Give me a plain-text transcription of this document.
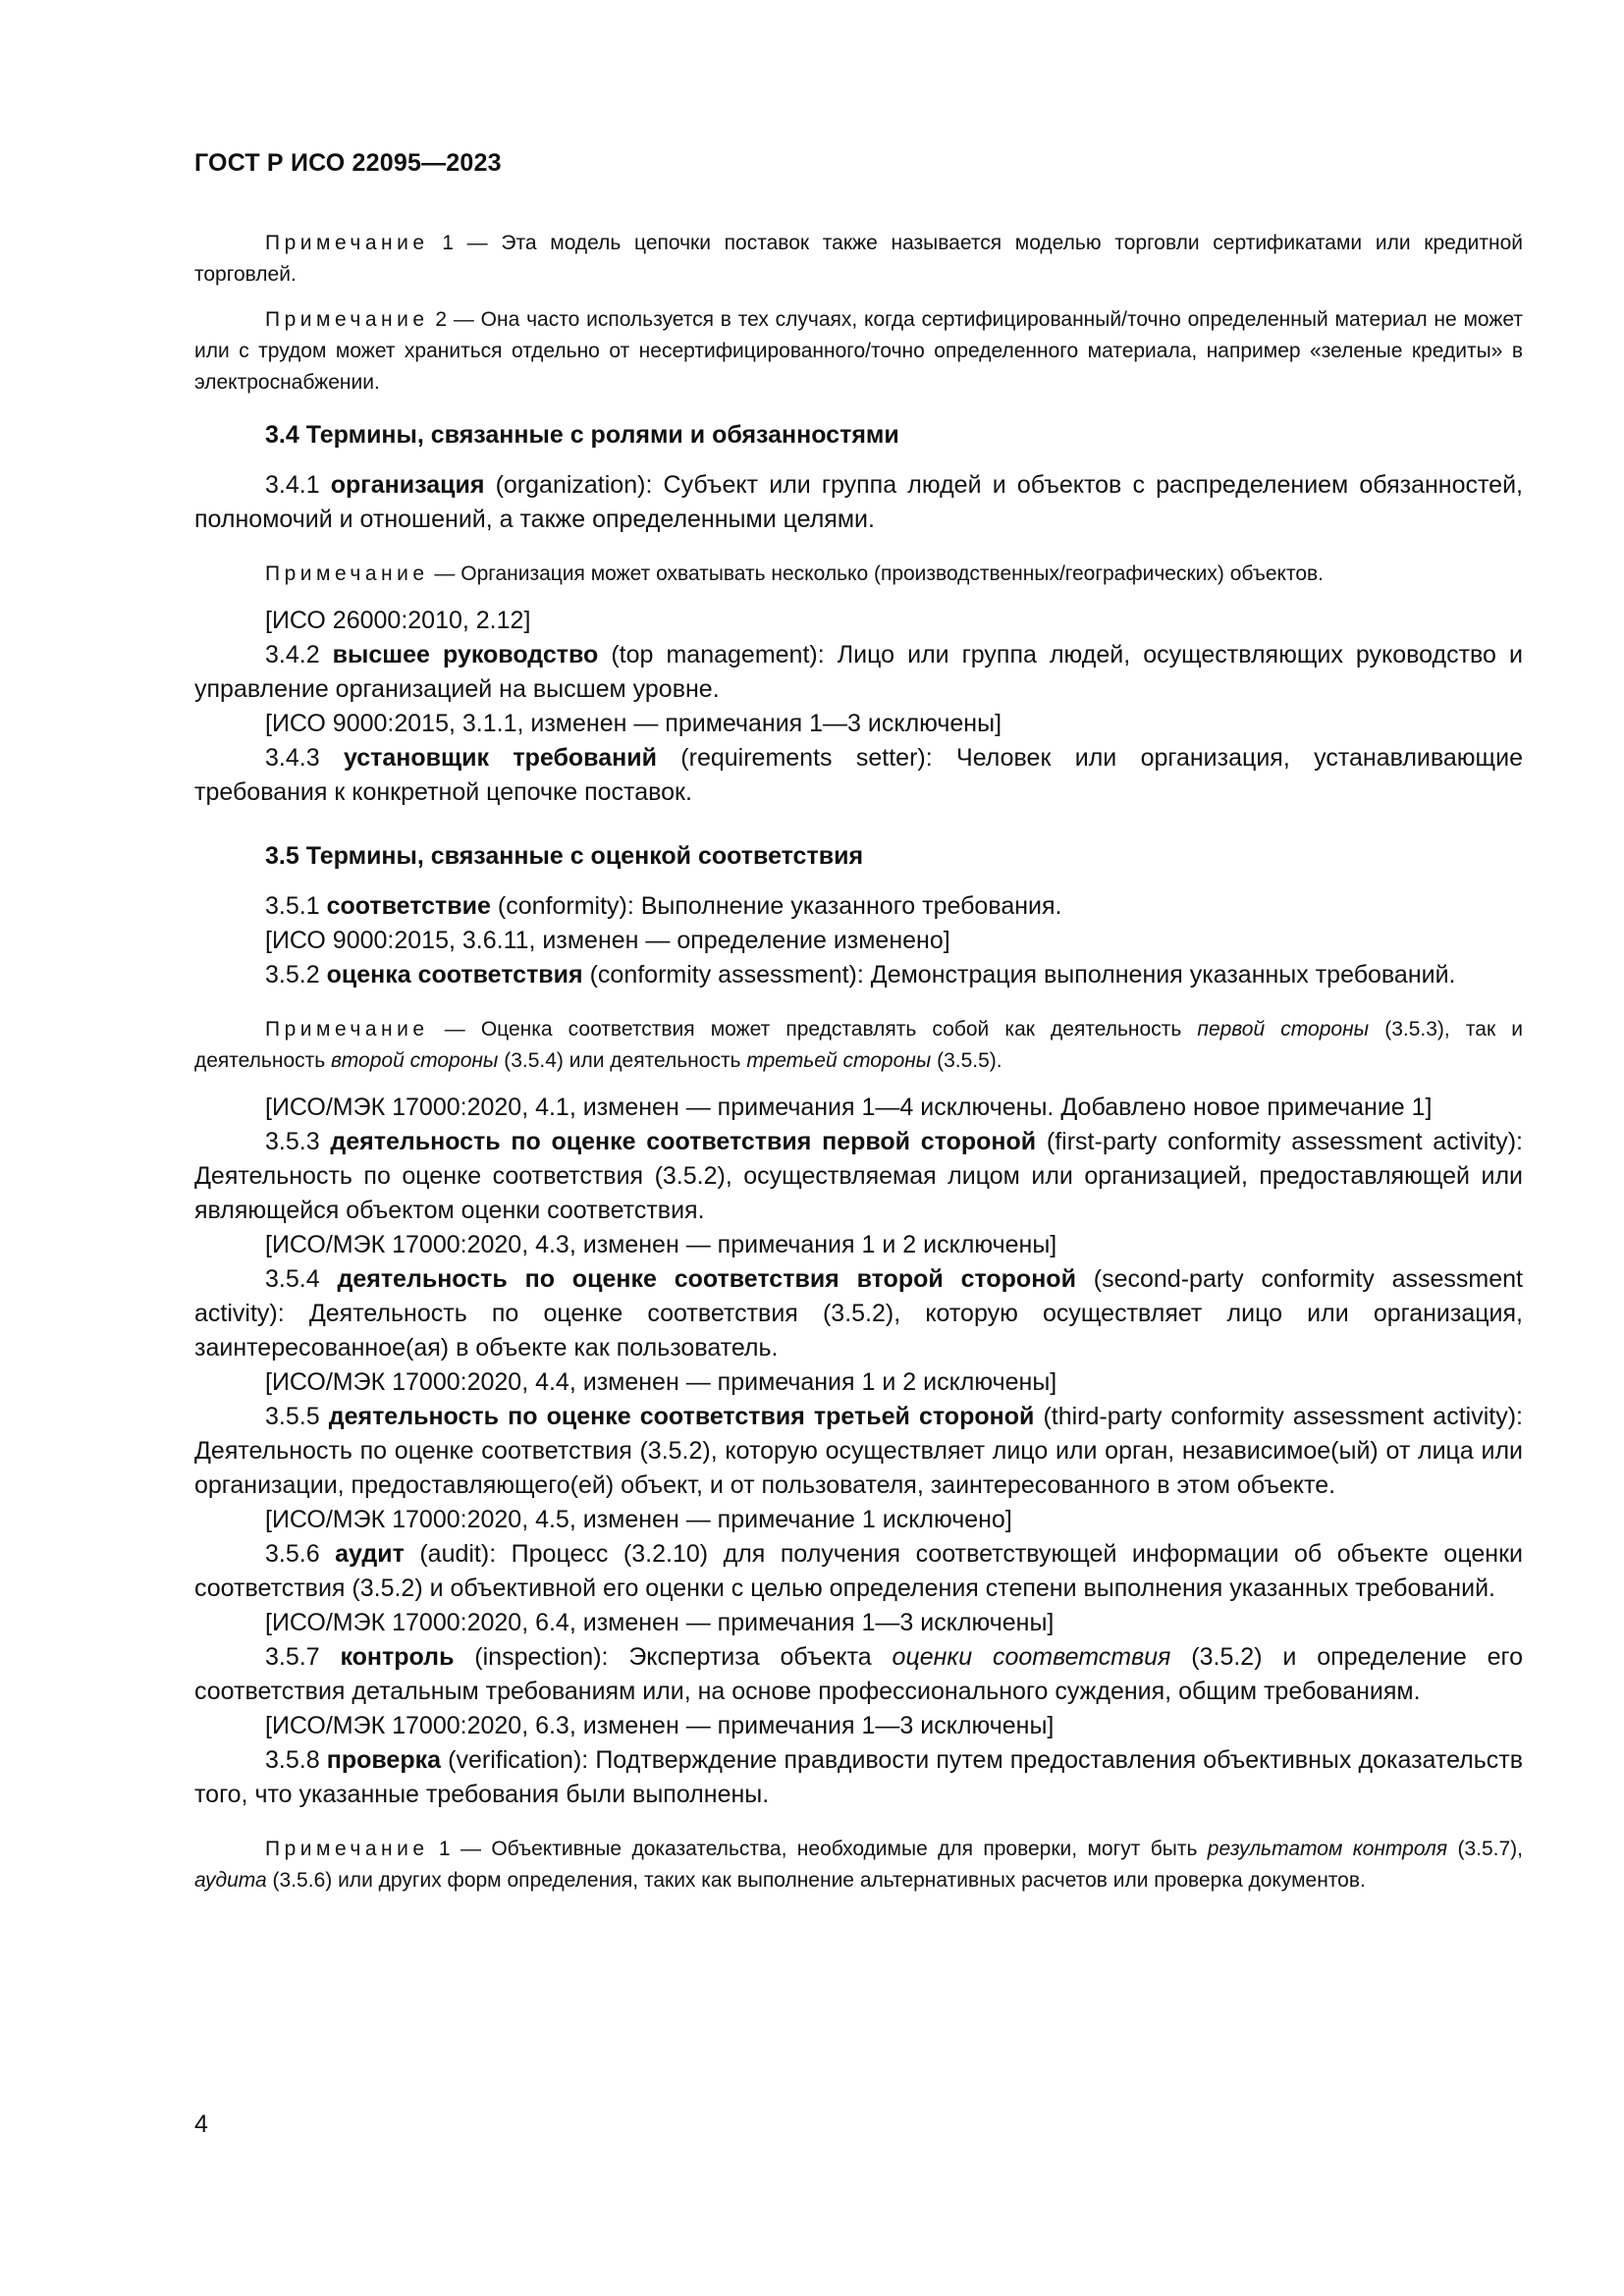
ГОСТ Р ИСО 22095—2023

Примечание 1 — Эта модель цепочки поставок также называется моделью торговли сертификатами или кредитной торговлей.

Примечание 2 — Она часто используется в тех случаях, когда сертифицированный/точно определенный материал не может или с трудом может храниться отдельно от несертифицированного/точно определенного материала, например «зеленые кредиты» в электроснабжении.

3.4 Термины, связанные с ролями и обязанностями

3.4.1 организация (organization): Субъект или группа людей и объектов с распределением обязанностей, полномочий и отношений, а также определенными целями.

Примечание — Организация может охватывать несколько (производственных/географических) объектов.

[ИСО 26000:2010, 2.12]

3.4.2 высшее руководство (top management): Лицо или группа людей, осуществляющих руководство и управление организацией на высшем уровне.

[ИСО 9000:2015, 3.1.1, изменен — примечания 1—3 исключены]

3.4.3 установщик требований (requirements setter): Человек или организация, устанавливающие требования к конкретной цепочке поставок.

3.5 Термины, связанные с оценкой соответствия

3.5.1 соответствие (conformity): Выполнение указанного требования.

[ИСО 9000:2015, 3.6.11, изменен — определение изменено]

3.5.2 оценка соответствия (conformity assessment): Демонстрация выполнения указанных требований.

Примечание — Оценка соответствия может представлять собой как деятельность первой стороны (3.5.3), так и деятельность второй стороны (3.5.4) или деятельность третьей стороны (3.5.5).

[ИСО/МЭК 17000:2020, 4.1, изменен — примечания 1—4 исключены. Добавлено новое примечание 1]

3.5.3 деятельность по оценке соответствия первой стороной (first-party conformity assessment activity): Деятельность по оценке соответствия (3.5.2), осуществляемая лицом или организацией, предоставляющей или являющейся объектом оценки соответствия.

[ИСО/МЭК 17000:2020, 4.3, изменен — примечания 1 и 2 исключены]

3.5.4 деятельность по оценке соответствия второй стороной (second-party conformity assessment activity): Деятельность по оценке соответствия (3.5.2), которую осуществляет лицо или организация, заинтересованное(ая) в объекте как пользователь.

[ИСО/МЭК 17000:2020, 4.4, изменен — примечания 1 и 2 исключены]

3.5.5 деятельность по оценке соответствия третьей стороной (third-party conformity assessment activity): Деятельность по оценке соответствия (3.5.2), которую осуществляет лицо или орган, независимое(ый) от лица или организации, предоставляющего(ей) объект, и от пользователя, заинтересованного в этом объекте.

[ИСО/МЭК 17000:2020, 4.5, изменен — примечание 1 исключено]

3.5.6 аудит (audit): Процесс (3.2.10) для получения соответствующей информации об объекте оценки соответствия (3.5.2) и объективной его оценки с целью определения степени выполнения указанных требований.

[ИСО/МЭК 17000:2020, 6.4, изменен — примечания 1—3 исключены]

3.5.7 контроль (inspection): Экспертиза объекта оценки соответствия (3.5.2) и определение его соответствия детальным требованиям или, на основе профессионального суждения, общим требованиям.

[ИСО/МЭК 17000:2020, 6.3, изменен — примечания 1—3 исключены]

3.5.8 проверка (verification): Подтверждение правдивости путем предоставления объективных доказательств того, что указанные требования были выполнены.

Примечание 1 — Объективные доказательства, необходимые для проверки, могут быть результатом контроля (3.5.7), аудита (3.5.6) или других форм определения, таких как выполнение альтернативных расчетов или проверка документов.

4
